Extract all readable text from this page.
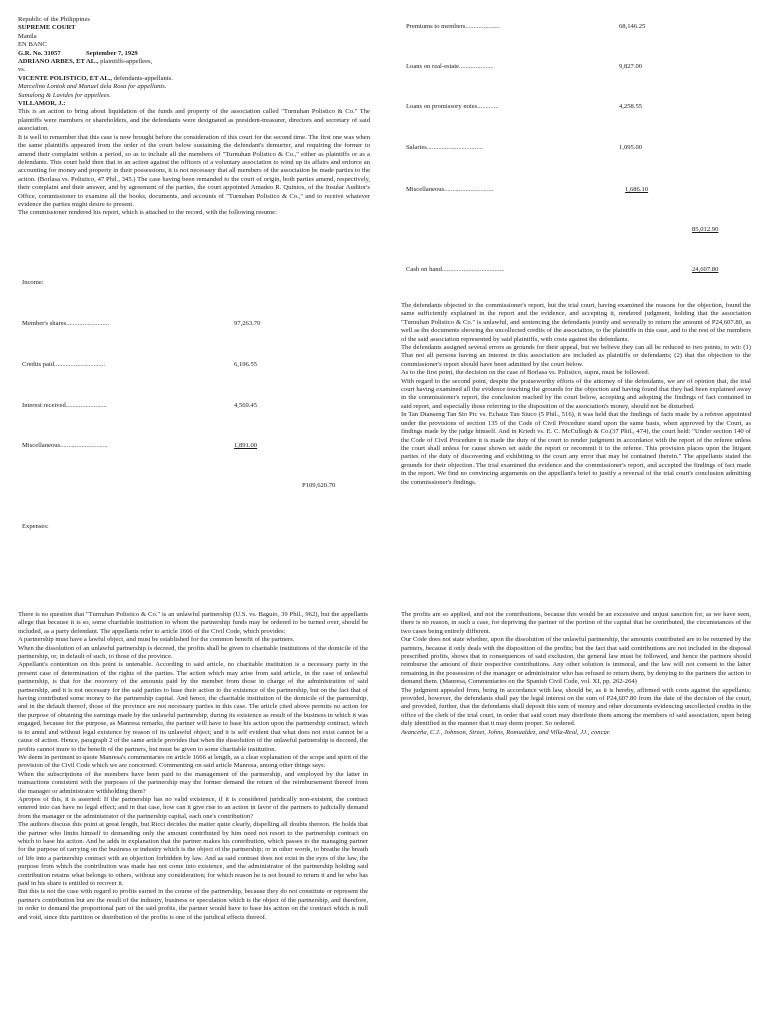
Republic of the Philippines
SUPREME COURT
Manila
EN BANC
G.R. No. 31057	September 7, 1929
ADRIANO ARBES, ET AL., plaintiffs-appellees,
vs.
VICENTE POLISTICO, ET AL., defendants-appellants.
Marcelino Lontok and Manuel dela Rosa for appellants.
Sumulong & Lavides for appellees.
VILLAMOR, J.:

This is an action to bring about liquidation of the funds and property of the association called "Turnuhan Polistico & Co." The plaintiffs were members or shareholders, and the defendants were designated as president-treasurer, directors and secretary of said association.

It is well to remember that this case is now brought before the consideration of this court for the second time. The first one was when the same plaintiffs appeared from the order of the court below sustaining the defendant's demurrer, and requiring the former to amend their complaint within a period, so as to include all the members of "Turnuhan Polistico & Co.," either as plaintiffs or as a defendants. This court held then that in an action against the officers of a voluntary association to wind up its affairs and enforce an accounting for money and property in their possessions, it is not necessary that all members of the association be made parties to the action. (Borlasa vs. Polistico, 47 Phil., 345.) The case having been remanded to the court of origin, both parties amend, respectively, their complaint and their answer, and by agreement of the parties, the court appointed Amadeo R. Quintos, of the Insular Auditor's Office, commissioner to examine all the books, documents, and accounts of "Turnuhan Polistico & Co.," and to receive whatever evidence the parties might desire to present.

The commissioner rendered his report, which is attached to the record, with the following resume:

Income:
Member's shares..........................	97,263.70
Credits paid...............................	6,196.55
Interest received.........................	4,569.45
Miscellaneous.............................	1,891.00
P109,620.70
Expenses:
Premiums to members.....................	68,146.25
Loans on real-estate.....................	9,827.00
Loans on promissory notes.............	4,258.55
Salaries..................................	1,095.00
Miscellaneous..............................	1,686.10
85,012.90
Cash on hand......................................	24,607.80

The defendants objected to the commissioner's report, but the trial court, having examined the reasons for the objection, found the same sufficiently explained in the report and the evidence, and accepting it, rendered judgment, holding that the association "Turnuhan Polistico & Co." is unlawful, and sentencing the defendants jointly and severally to return the amount of P24,607.80, as well as the documents showing the uncollected credits of the association, to the plaintiffs in this case, and to the rest of the members of the said association represented by said plaintiffs, with costs against the defendants.

The defendants assigned several errors as grounds for their appeal, but we believe they can all be reduced to two points, to wit: (1) That not all persons having an interest in this association are included as plaintiffs or defendants; (2) that the objection to the commissioner's report should have been admitted by the court below.

As to the first point, the decision on the case of Borlasa vs. Polistico, supra, must be followed.

With regard to the second point, despite the praiseworthy efforts of the attorney of the defendants, we are of opinion that, the trial court having examined all the evidence touching the grounds for the objection and having found that they had been explained away in the commissioner's report, the conclusion reached by the court below, accepting and adopting the findings of fact contained in said report, and especially those referring to the disposition of the association's money, should not be disturbed.

In Tan Dianseng Tan Sio Pic vs. Echauz Tan Siuco (5 Phil., 516), it was held that the findings of facts made by a referee appointed under the provisions of section 135 of the Code of Civil Procedure stand upon the same basis, when approved by the Court, as findings made by the judge himself. And in Kriedt vs. E. C. McCullogh & Co.(37 Phil., 474), the court held: "Under section 140 of the Code of Civil Procedure it is made the duty of the court to render judgment in accordance with the report of the referee unless the court shall unless for cause shown set aside the report or recommit it to the referee. This provision places upon the litigant parties of the duty of discovering and exhibiting to the court any error that may be contained therein." The appellants stated the grounds for their objection. The trial examined the evidence and the commissioner's report, and accepted the findings of fact made in the report. We find no convincing arguments on the appellant's brief to justify a reversal of the trial court's conclusion admitting the commissioner's findings.

There is no question that "Turnuhan Polistico & Co." is an unlawful partnership (U.S. vs. Baguio, 39 Phil., 962), but the appellants allege that because it is so, some charitable institution to whom the partnership funds may be ordered to be turned over, should be included, as a party defendant. The appellants refer to article 1666 of the Civil Code, which provides:

A partnership must have a lawful object, and must be established for the common benefit of the partners.

When the dissolution of an unlawful partnership is decreed, the profits shall be given to charitable institutions of the domicile of the partnership, or, in default of such, to those of the province.

Appellant's contention on this point is untenable. According to said article, no charitable institution is a necessary party in the present case of determination of the rights of the parties. The action which may arise from said article, in the case of unlawful partnership, is that for the recovery of the amounts paid by the member from those in charge of the administration of said partnership, and it is not necessary for the said parties to base their action to the existence of the partnership, but on the fact that of having contributed some money to the partnership capital. And hence, the charitable institution of the domicile of the partnership, and in the default thereof, those of the province are not necessary parties in this case. The article cited above permits no action for the purpose of obtaining the earnings made by the unlawful partnership, during its existence as result of the business in which it was engaged, because for the purpose, as Manresa remarks, the partner will have to base his action upon the partnership contract, which is to annul and without legal existence by reason of its unlawful object; and it is self evident that what does not exist cannot be a cause of action. Hence, paragraph 2 of the same article provides that when the dissolution of the unlawful partnership is decreed, the profits cannot inure to the benefit of the partners, but must be given to some charitable institution.

We deem in pertinent to quote Manresa's commentaries on article 1666 at length, as a clear explanation of the scope and spirit of the provision of the Civil Code which we are concerned. Commenting on said article Manresa, among other things says:

When the subscriptions of the members have been paid to the management of the partnership, and employed by the latter in transactions consistent with the purposes of the partnership may the former demand the return of the reimbursement thereof from the manager or administrator withholding them?

Apropos of this, it is asserted: If the partnership has no valid existence, if it is considered juridically non-existent, the contract entered into can have no legal effect; and in that case, how can it give rise to an action in favor of the partners to judicially demand from the manager or the administrator of the partnership capital, each one's contribution?

The authors discuss this point at great length, but Ricci decides the matter quite clearly, dispelling all doubts thereon. He holds that the partner who limits himself to demanding only the amount contributed by him need not resort to the partnership contract on which to base his action. And he adds in explanation that the partner makes his contribution, which passes to the managing partner for the purpose of carrying on the business or industry which is the object of the partnership; or in other words, to breathe the breath of life into a partnership contract with an objection forbidden by law. And as said contrast does not exist in the eyes of the law, the purpose from which the contribution was made has not come into existence, and the administrator of the partnership holding said contribution retains what belongs to others, without any consideration; for which reason he is not bound to return it and he who has paid in his share is entitled to recover it.

But this is not the case with regard to profits earned in the course of the partnership, because they do not constitute or represent the partner's contribution but are the result of the industry, business or speculation which is the object of the partnership, and therefore, in order to demand the proportional part of the said profits, the partner would have to base his action on the contract which is null and void, since this partition or distribution of the profits is one of the juridical effects thereof.

The profits are so applied, and not the contributions, because this would be an excessive and unjust sanction for, as we have seen, there is no reason, in such a case, for depriving the partner of the portion of the capital that he contributed, the circumstances of the two cases being entirely different.

Our Code does not state whether, upon the dissolution of the unlawful partnership, the amounts contributed are to be returned by the partners, because it only deals with the disposition of the profits; but the fact that said contributions are not included in the disposal prescribed profits, shows that in consequences of said exclusion, the general law must be followed, and hence the partners should reimburse the amount of their respective contributions. Any other solution is immoral, and the law will not consent to the latter remaining in the possession of the manager or administrator who has refused to return them, by denying to the partners the action to demand them. (Manresa, Commentaries on the Spanish Civil Code, vol. XI, pp. 262-264)

The judgment appealed from, being in accordance with law, should be, as it is hereby, affirmed with costs against the appellants; provided, however, the defendants shall pay the legal interest on the sum of P24,607.80 from the date of the decision of the court, and provided, further, that the defendants shall deposit this sum of money and other documents evidencing uncollected credits in the office of the clerk of the trial court, in order that said court may distribute them among the members of said association, upon being duly identified in the manner that it may deem proper. So ordered.

Avanceña, C.J., Johnson, Street, Johns, Romualdez, and Villa-Real, JJ., concur.
